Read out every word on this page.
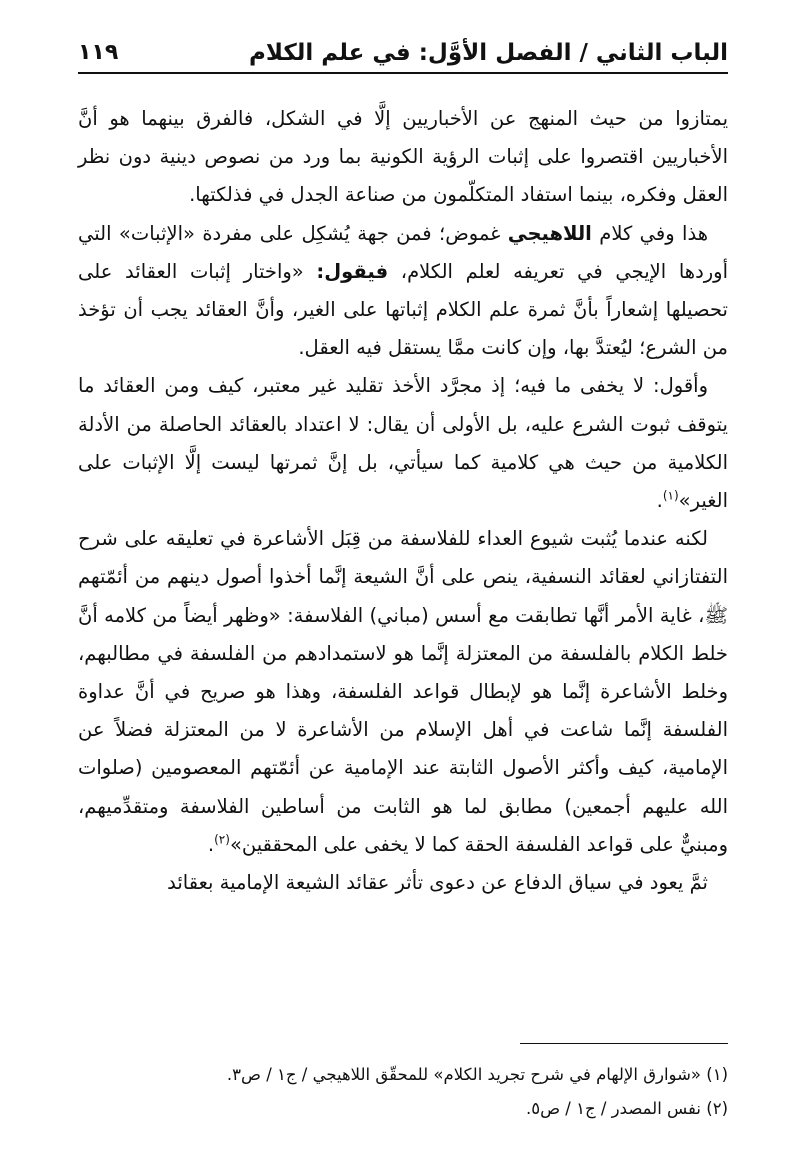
الباب الثاني / الفصل الأوَّل: في علم الكلام
١١٩

يمتازوا من حيث المنهج عن الأخباريين إلَّا في الشكل، فالفرق بينهما هو أنَّ الأخباريين اقتصروا على إثبات الرؤية الكونية بما ورد من نصوص دينية دون نظر العقل وفكره، بينما استفاد المتكلّمون من صناعة الجدل في فذلكتها.

هذا وفي كلام اللاهيجي غموض؛ فمن جهة يُشكِل على مفردة «الإثبات» التي أوردها الإيجي في تعريفه لعلم الكلام، فيقول: «واختار إثبات العقائد على تحصيلها إشعاراً بأنَّ ثمرة علم الكلام إثباتها على الغير، وأنَّ العقائد يجب أن تؤخذ من الشرع؛ ليُعتدَّ بها، وإن كانت ممَّا يستقل فيه العقل.

وأقول: لا يخفى ما فيه؛ إذ مجرَّد الأخذ تقليد غير معتبر، كيف ومن العقائد ما يتوقف ثبوت الشرع عليه، بل الأولى أن يقال: لا اعتداد بالعقائد الحاصلة من الأدلة الكلامية من حيث هي كلامية كما سيأتي، بل إنَّ ثمرتها ليست إلَّا الإثبات على الغير»$^{(١)}$.

لكنه عندما يُثبت شيوع العداء للفلاسفة من قِبَل الأشاعرة في تعليقه على شرح التفتازاني لعقائد النسفية، ينص على أنَّ الشيعة إنَّما أخذوا أصول دينهم من أئمّتهم ﷺ، غاية الأمر أنَّها تطابقت مع أسس (مباني) الفلاسفة: «وظهر أيضاً من كلامه أنَّ خلط الكلام بالفلسفة من المعتزلة إنَّما هو لاستمدادهم من الفلسفة في مطالبهم، وخلط الأشاعرة إنَّما هو لإبطال قواعد الفلسفة، وهذا هو صريح في أنَّ عداوة الفلسفة إنَّما شاعت في أهل الإسلام من الأشاعرة لا من المعتزلة فضلاً عن الإمامية، كيف وأكثر الأصول الثابتة عند الإمامية عن أئمّتهم المعصومين (صلوات الله عليهم أجمعين) مطابق لما هو الثابت من أساطين الفلاسفة ومتقدِّميهم، ومبنيٌّ على قواعد الفلسفة الحقة كما لا يخفى على المحققين»$^{(٢)}$.

ثمَّ يعود في سياق الدفاع عن دعوى تأثر عقائد الشيعة الإمامية بعقائد

(١) «شوارق الإلهام في شرح تجريد الكلام» للمحقّق اللاهيجي / ج١ / ص٣.

(٢) نفس المصدر / ج١ / ص٥.
